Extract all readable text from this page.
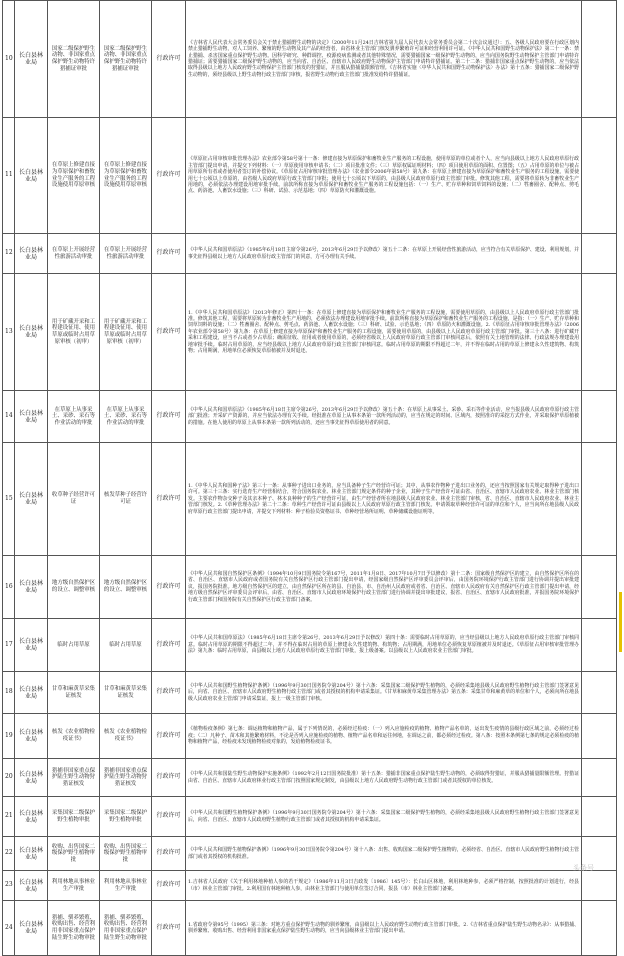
10	长白县林业局	国家二级保护野生动物、非国家重点保护野生动物特许猎捕证审批	国家二级保护野生动物、非国家重点保护野生动物特许猎捕证审批	行政许可	《吉林省人民代表大会常务委员会关于禁止猎捕野生动物的决定》（2000年11月24日吉林省第九届人民代表大会常务委员会第二十次会议通过）：五、各级人民政府要在行政区划内禁止猎捕野生动物，对人工饲养、繁殖的野生动物及其产品的经营者，由省林业主管部门核发驯养繁殖许可证和经营利用许可证。《中华人民共和国野生动物保护法》第二十一条：禁止猎捕、杀害国家重点保护野生动物。因科学研究、种群调控、疫源疫病监测或者其他特殊情况，需要猎捕国家一级保护野生动物的，应当向国务院野生动物保护主管部门申请特许猎捕证；需要猎捕国家二级保护野生动物的，应当向省、自治区、直辖市人民政府野生动物保护主管部门申请特许猎捕证。第二十二条：猎捕非国家重点保护野生动物的，应当依法取得县级以上地方人民政府野生动物保护主管部门核发的狩猎证，并且服从猎捕量限额管理。《吉林省实施〈中华人民共和国野生动物保护法〉办法》第十五条：猎捕国家二级保护野生动物的，须经县级以上野生动物行政主管部门审核，报省野生动物行政主管部门批准发给特许猎捕证。	

11	长白县林业局	在草原上修建直接为草原保护和畜牧业生产服务的工程设施使用草原审核	在草原上修建直接为草原保护和畜牧业生产服务的工程设施使用草原审核	行政许可	《草原征占用审核审批管理办法》农业部令第58号第十一条：修建直接为草原保护和畜牧业生产服务的工程设施，使用草原的单位或者个人，应当向县级以上地方人民政府草原行政主管部门提出申请，并提交下列材料：（一）草原使用审核申请书；（二）项目批准文件；（三）草原权属证明材料；（四）项目使用草原的面积、位置图；（五）占用草原的单位与被占用草原所有者或者使用者签订的补偿协议。《草原征占用审核审批管理办法》（农业部令2006年第58号）第九条：在草原上修建直接为草原保护和畜牧业生产服务的工程设施，需要使用七十公顷以上草原的，由省级人民政府草原行政主管部门审批；使用七十公顷以下草原的，由县级人民政府草原行政主管部门审批。修筑其他工程，需要将草原转为非畜牧业生产用地的，必须依法办理建设用地审批手续。前款所称直接为草原保护和畜牧业生产服务的工程设施包括：（一）生产、贮存草种和饲草饲料的设施；（二）牲畜圈舍、配种点、剪毛点、药浴池、人畜饮水设施；（三）科研、试验、示范基地；（四）草原防火和灌溉设施。	

12	长白县林业局	在草原上开展经营性旅游活动审批	在草原上开展经营性旅游活动审批	行政许可	《中华人民共和国草原法》（1985年6月18日主席令第26号，2013年6月29日予以修改）第五十二条：在草原上开展经营性旅游活动，应当符合有关草原保护、建设、利用规划，并事先征得县级以上地方人民政府草原行政主管部门的同意，方可办理有关手续。	

13	长白县林业局	用于矿藏开采和工程建设征用、使用草原或临时占用草原审核（初审）	用于矿藏开采和工程建设征用、使用草原或临时占用草原审核（初审）	行政许可	1.《中华人民共和国草原法》（2013年修正）第四十一条：在草原上修建直接为草原保护和畜牧业生产服务的工程设施，需要使用草原的，由县级以上人民政府草原行政主管部门批准。修筑其他工程，需要将草原转为非畜牧业生产用地的，必须依法办理建设用地审批手续。前款所称直接为草原保护和畜牧业生产服务的工程设施，是指：（一）生产、贮存草种和饲草饲料的设施；（二）牲畜圈舍、配种点、剪毛点、药浴池、人畜饮水设施；（三）科研、试验、示范基地；（四）草原防火和灌溉设施。2.《草原征占用审核审批管理办法》（2006年农业部令第58号）第九条：在草原上修建直接为草原保护和畜牧业生产服务的工程设施，需要使用草原的，由县级以上人民政府草原行政主管部门审批。第三十八条：进行矿藏开采和工程建设，应当不占或者少占草原；确需征收、征用或者使用草原的，必须经省级以上人民政府草原行政主管部门审核同意后，依照有关土地管理的法律、行政法规办理建设用地审批手续。临时占用草原的，应当经县级以上地方人民政府草原行政主管部门审核同意。临时占用草原的期限不得超过二年，并不得在临时占用的草原上修建永久性建筑物、构筑物；占用期满，用地单位必须恢复草原植被并及时退还。	

14	长白县林业局	在草原上从事采土、采砂、采石等作业活动的审批	在草原上从事采土、采砂、采石等作业活动的审批	行政许可	《中华人民共和国草原法》（1985年6月18日主席令第26号，2013年6月29日予以修改）第五十条：在草原上从事采土、采砂、采石等作业活动，应当报县级人民政府草原行政主管部门批准；开采矿产资源的，并应当依法办理有关手续。经批准在草原上从事本条第一款所列活动的，应当在规定的时间、区域内，按照准许的采挖方式作业，并采取保护草原植被的措施。在他人使用的草原上从事本条第一款所列活动的，还应当事先征得草原使用者的同意。	

15	长白县林业局	收草种子经营许可证	核发草种子经营许可证	行政许可	1.《中华人民共和国种子法》第三十一条：从事种子进出口业务的，应当具备种子生产经营许可证；其中，从事农作物种子进出口业务的，还应当按照国家有关规定取得种子进出口许可。第三十三条：实行选育生产经营相结合，符合国务院农业、林业主管部门规定条件的种子企业，其种子生产经营许可证由省、自治区、直辖市人民政府农业、林业主管部门核发。主要农作物杂交种子及其亲本种子、林木良种种子的生产经营许可证，由生产经营者所在地县级人民政府农业、林业主管部门审核，省、自治区、直辖市人民政府农业、林业主管部门核发。2.《草种管理办法》第二十二条：草种生产经营许可证由县级以上人民政府草原行政主管部门核发。申请领取草种经营许可证的单位和个人，应当向所在地县级人民政府草原行政主管部门提出申请，并提交下列材料：种子检验员资格证书、草种经营场所证明、草种储藏设施证明等。	

16	长白县林业局	地方级自然保护区的设立、调整审核	地方级自然保护区的设立、调整审核	行政许可	《中华人民共和国自然保护区条例》（1994年10月9日国务院令第167号，2011年1月8日、2017年10月7日予以修改）第十二条：国家级自然保护区的建立，由自然保护区所在的省、自治区、直辖市人民政府或者国务院有关自然保护区行政主管部门提出申请，经国家级自然保护区评审委员会评审后，由国务院环境保护行政主管部门进行协调并提出审批建议，报国务院批准。地方级自然保护区的建立，由自然保护区所在的县、自治县、市、自治州人民政府或者省、自治区、直辖市人民政府有关自然保护区行政主管部门提出申请，经地方级自然保护区评审委员会评审后，由省、自治区、直辖市人民政府环境保护行政主管部门进行协调并提出审批建议，报省、自治区、直辖市人民政府批准，并报国务院环境保护行政主管部门和国务院有关自然保护区行政主管部门备案。	

17	长白县林业局	临时占用草原	临时占用草原	行政许可	《中华人民共和国草原法》（1985年6月18日主席令第26号，2013年6月29日予以修改）第四十条：需要临时占用草原的，应当经县级以上地方人民政府草原行政主管部门审核同意。临时占用草原的期限不得超过二年，并不得在临时占用的草原上修建永久性建筑物、构筑物；占用期满，用地单位必须恢复草原植被并及时退还。《草原征占用审核审批管理办法》第九条：临时占用草原，由县级以上地方人民政府草原行政主管部门审批，报上级备案。以县级以上人民政府农业主管部门审批。	

18	长白县林业局	甘草和麻黄草采集证核发	甘草和麻黄草采集证核发	行政许可	《中华人民共和国野生植物保护条例》（1996年9月30日国务院令第204号）第十六条：采集国家二级保护野生植物的，必须经采集地县级人民政府野生植物行政主管部门签署意见后，向省、自治区、直辖市人民政府野生植物行政主管部门或者其授权的机构申请采集证。《甘草和麻黄草采集管理办法》第五条：采集甘草和麻黄草的单位和个人，必须向所在地县级人民政府农业主管部门申请采集证，报上一级主管部门审核。	

19	长白县林业局	核发《农业植物检疫证书》	核发《农业植物检疫证书》	行政许可	《植物检疫条例》第七条：调运植物和植物产品，属于下列情况的，必须经过检疫：（一）列入应施检疫的植物、植物产品名单的，运出发生疫情的县级行政区域之前，必须经过检疫；（二）凡种子、苗木和其他繁殖材料，不论是否列入应施检疫的植物、植物产品名单和运往何地，在调运之前，都必须经过检疫。第八条：按照本条例第七条的规定必须检疫的植物和植物产品，经检疫未发现植物检疫对象的，发给植物检疫证书。	

20	长白县林业局	猎捕非国家重点保护陆生野生动物狩猎证核发	猎捕非国家重点保护陆生野生动物狩猎证核发	行政许可	《中华人民共和国陆生野生动物保护实施条例》（1992年2月12日国务院批准）第十五条：猎捕非国家重点保护陆生野生动物的，必须取得狩猎证，并服从猎捕量限额管理。狩猎证由省、自治区、直辖市人民政府林业行政主管部门按照国家规定制发，由县级以上地方人民政府野生动物行政主管部门或者其授权的单位核发。	

21	长白县林业局	采集国家二级保护野生植物审批	采集国家二级保护野生植物审批	行政许可	《中华人民共和国野生植物保护条例》（1996年9月30日国务院令第204号）第十六条：采集国家二级保护野生植物的，必须经采集地县级人民政府野生植物行政主管部门签署意见后，向省、自治区、直辖市人民政府野生植物行政主管部门或者其授权的机构申请采集证。	

22	长白县林业局	收购、出售国家二级保护野生植物审批	收购、出售国家二级保护野生植物审批	行政许可	《中华人民共和国野生植物保护条例》（1996年9月30日国务院令第204号）第十八条：出售、收购国家二级保护野生植物的，必须经省、自治区、直辖市人民政府野生植物行政主管部门或者其授权的机构批准。	

23	长白县林业局	利用林地从事林业生产审批	利用林地从事林业生产审批	行政许可	1.吉林省人民政府《关于利用林地种植人参的若干规定》（1986年11月3日吉政发〔1986〕145号）：长白山区林地，利用林地种参，必须严格控制，按照批准的计划进行，经县（市）林业主管部门审批。2.利用国有林地种植人参，由林业主管部门与使用单位签订合同，报县（市）林业主管部门备案。	

24	长白县林业局	猎捕、驯养繁殖、收购出售、经营利用非国家重点保护陆生野生动物审批	猎捕、驯养繁殖、收购出售、经营利用非国家重点保护陆生野生动物审批	行政许可	1.省政府令第95号（1995）第三条：对地方重点保护野生动物的驯养繁殖，由县级以上人民政府野生动物行政主管部门审批。2.《吉林省重点保护陆生野生动物名录》：从事猎捕、驯养繁殖、收购出售、经营利用非国家重点保护陆生野生动物的，应当向县级林业主管部门提出申请。	

头条号
